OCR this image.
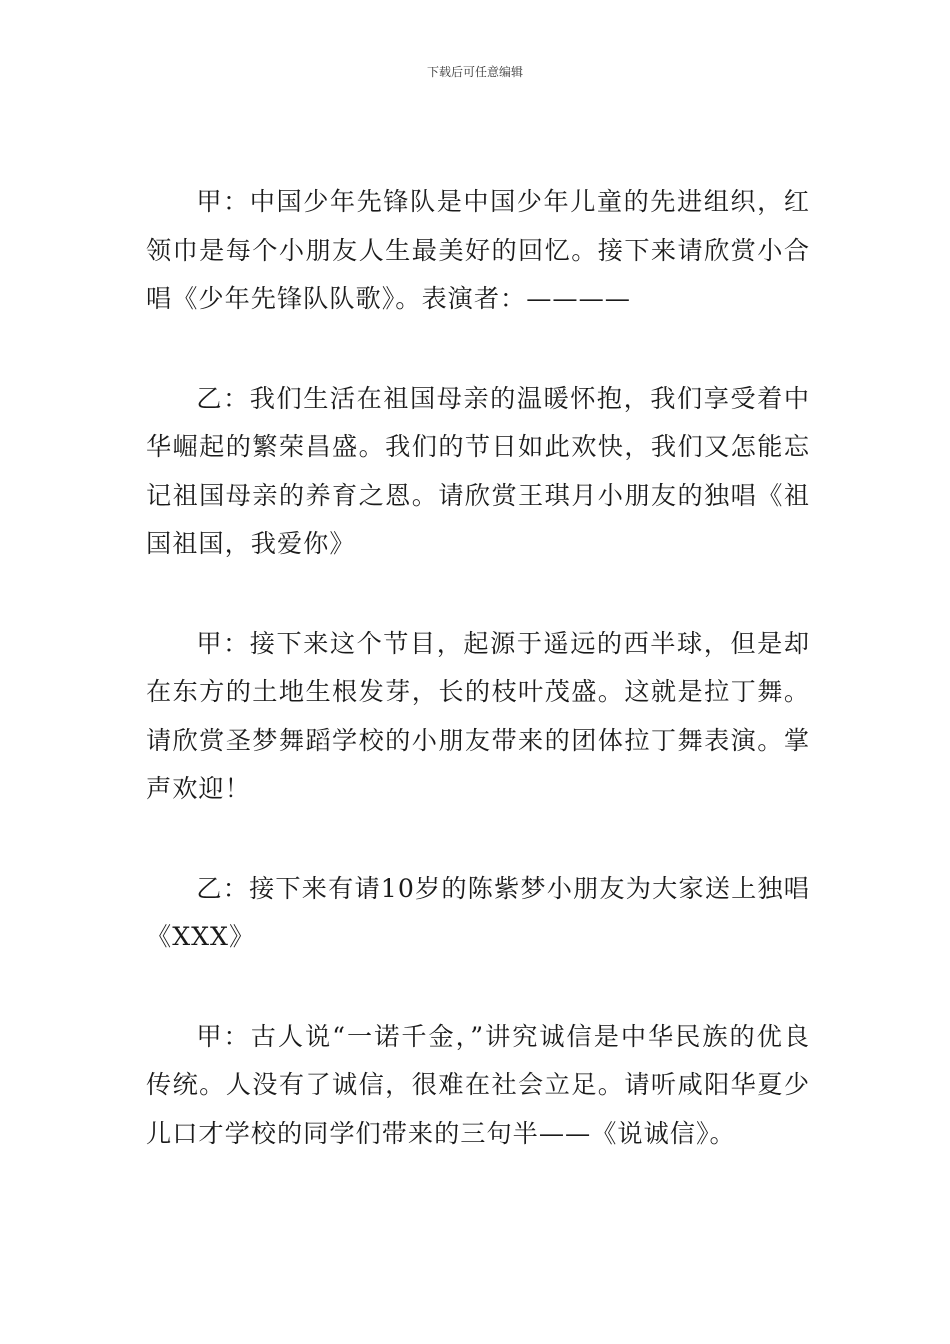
下载后可任意编辑

甲：中国少年先锋队是中国少年儿童的先进组织，红领巾是每个小朋友人生最美好的回忆。接下来请欣赏小合唱《少年先锋队队歌》。表演者：————

乙：我们生活在祖国母亲的温暖怀抱，我们享受着中华崛起的繁荣昌盛。我们的节日如此欢快，我们又怎能忘记祖国母亲的养育之恩。请欣赏王琪月小朋友的独唱《祖国祖国，我爱你》

甲：接下来这个节目，起源于遥远的西半球，但是却在东方的土地生根发芽，长的枝叶茂盛。这就是拉丁舞。请欣赏圣梦舞蹈学校的小朋友带来的团体拉丁舞表演。掌声欢迎！

乙：接下来有请10岁的陈紫梦小朋友为大家送上独唱《XXX》

甲：古人说“一诺千金，”讲究诚信是中华民族的优良传统。人没有了诚信，很难在社会立足。请听咸阳华夏少儿口才学校的同学们带来的三句半——《说诚信》。
